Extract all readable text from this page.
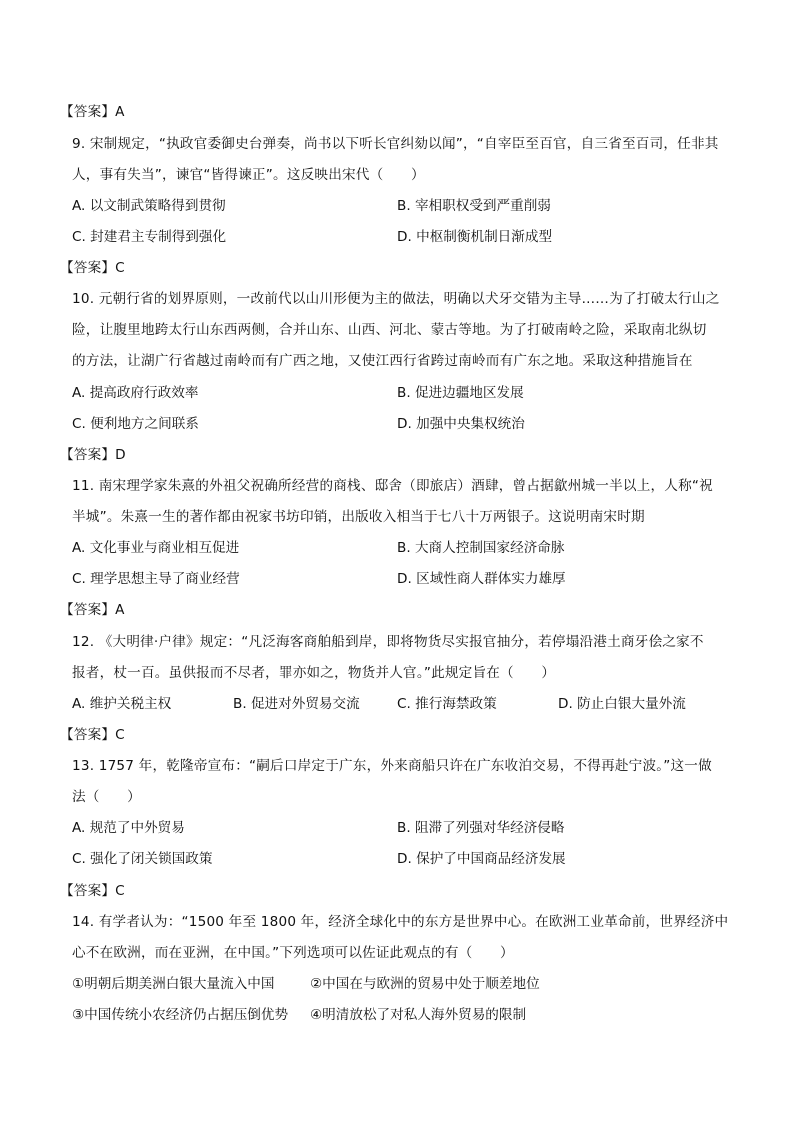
【答案】A
9. 宋制规定，“执政官委御史台弹奏，尚书以下听长官纠劾以闻”，“自宰臣至百官，自三省至百司，任非其
人，事有失当”，谏官“皆得谏正”。这反映出宋代（　　）
A. 以文制武策略得到贯彻	B. 宰相职权受到严重削弱
C. 封建君主专制得到强化	D. 中枢制衡机制日渐成型
【答案】C
10. 元朝行省的划界原则，一改前代以山川形便为主的做法，明确以犬牙交错为主导……为了打破太行山之
险，让腹里地跨太行山东西两侧，合并山东、山西、河北、蒙古等地。为了打破南岭之险，采取南北纵切
的方法，让湖广行省越过南岭而有广西之地，又使江西行省跨过南岭而有广东之地。采取这种措施旨在
A. 提高政府行政效率	B. 促进边疆地区发展
C. 便利地方之间联系	D. 加强中央集权统治
【答案】D
11. 南宋理学家朱熹的外祖父祝确所经营的商栈、邸舍（即旅店）酒肆，曾占据歙州城一半以上，人称“祝
半城”。朱熹一生的著作都由祝家书坊印销，出版收入相当于七八十万两银子。这说明南宋时期
A. 文化事业与商业相互促进	B. 大商人控制国家经济命脉
C. 理学思想主导了商业经营	D. 区域性商人群体实力雄厚
【答案】A
12. 《大明律·户律》规定：“凡泛海客商舶船到岸，即将物货尽实报官抽分，若停塌沿港土商牙侩之家不
报者，杖一百。虽供报而不尽者，罪亦如之，物货并人官。”此规定旨在（　　）
A. 维护关税主权	B. 促进对外贸易交流	C. 推行海禁政策	D. 防止白银大量外流
【答案】C
13. 1757 年，乾隆帝宣布：“嗣后口岸定于广东，外来商船只许在广东收泊交易，不得再赴宁波。”这一做
法（　　）
A. 规范了中外贸易	B. 阻滞了列强对华经济侵略
C. 强化了闭关锁国政策	D. 保护了中国商品经济发展
【答案】C
14. 有学者认为：“1500 年至 1800 年，经济全球化中的东方是世界中心。在欧洲工业革命前，世界经济中
心不在欧洲，而在亚洲，在中国。”下列选项可以佐证此观点的有（　　）
①明朝后期美洲白银大量流入中国	②中国在与欧洲的贸易中处于顺差地位
③中国传统小农经济仍占据压倒优势 ④明清放松了对私人海外贸易的限制
